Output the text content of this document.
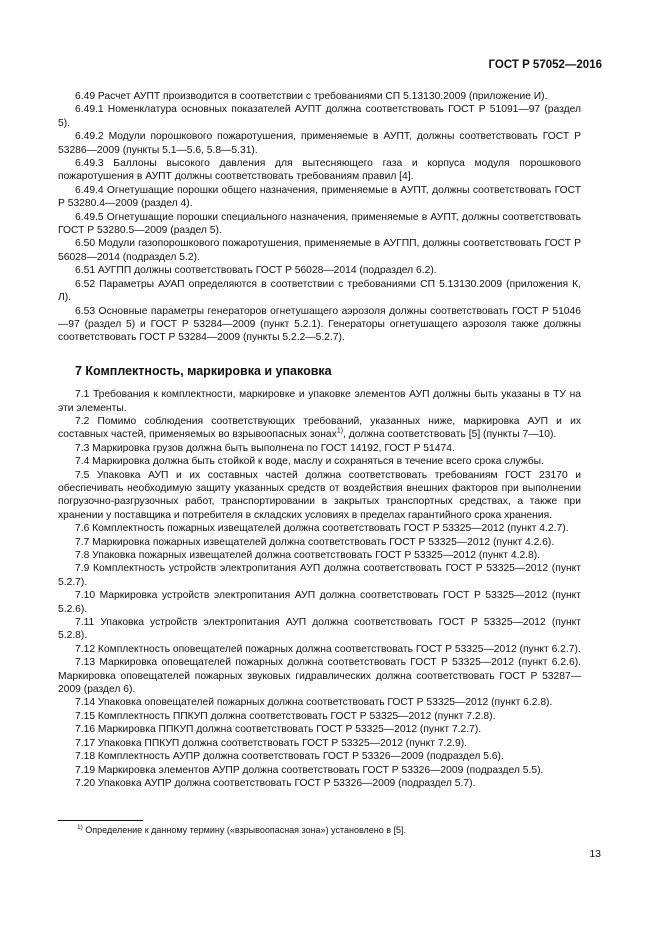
ГОСТ Р 57052—2016

6.49 Расчет АУПТ производится в соответствии с требованиями СП 5.13130.2009 (приложение И).

6.49.1 Номенклатура основных показателей АУПТ должна соответствовать ГОСТ Р 51091—97 (раздел 5).

6.49.2 Модули порошкового пожаротушения, применяемые в АУПТ, должны соответствовать ГОСТ Р 53286—2009 (пункты 5.1—5.6, 5.8—5.31).

6.49.3 Баллоны высокого давления для вытесняющего газа и корпуса модуля порошкового пожаротушения в АУПТ должны соответствовать требованиям правил [4].

6.49.4 Огнетушащие порошки общего назначения, применяемые в АУПТ, должны соответствовать ГОСТ Р 53280.4—2009 (раздел 4).

6.49.5 Огнетушащие порошки специального назначения, применяемые в АУПТ, должны соответствовать ГОСТ Р 53280.5—2009 (раздел 5).

6.50 Модули газопорошкового пожаротушения, применяемые в АУГПП, должны соответствовать ГОСТ Р 56028—2014 (подраздел 5.2).

6.51 АУГПП должны соответствовать ГОСТ Р 56028—2014 (подраздел 6.2).

6.52 Параметры АУАП определяются в соответствии с требованиями СП 5.13130.2009 (приложения К, Л).

6.53 Основные параметры генераторов огнетушащего аэрозоля должны соответствовать ГОСТ Р 51046—97 (раздел 5) и ГОСТ Р 53284—2009 (пункт 5.2.1). Генераторы огнетушащего аэрозоля также должны соответствовать ГОСТ Р 53284—2009 (пункты 5.2.2—5.2.7).

7 Комплектность, маркировка и упаковка

7.1 Требования к комплектности, маркировке и упаковке элементов АУП должны быть указаны в ТУ на эти элементы.

7.2 Помимо соблюдения соответствующих требований, указанных ниже, маркировка АУП и их составных частей, применяемых во взрывоопасных зонах$^{1)}$, должна соответствовать [5] (пункты 7—10).

7.3 Маркировка грузов должна быть выполнена по ГОСТ 14192, ГОСТ Р 51474.

7.4 Маркировка должна быть стойкой к воде, маслу и сохраняться в течение всего срока службы.

7.5 Упаковка АУП и их составных частей должна соответствовать требованиям ГОСТ 23170 и обеспечивать необходимую защиту указанных средств от воздействия внешних факторов при выполнении погрузочно-разгрузочных работ, транспортировании в закрытых транспортных средствах, а также при хранении у поставщика и потребителя в складских условиях в пределах гарантийного срока хранения.

7.6 Комплектность пожарных извещателей должна соответствовать ГОСТ Р 53325—2012 (пункт 4.2.7).

7.7 Маркировка пожарных извещателей должна соответствовать ГОСТ Р 53325—2012 (пункт 4.2.6).

7.8 Упаковка пожарных извещателей должна соответствовать ГОСТ Р 53325—2012 (пункт 4.2.8).

7.9 Комплектность устройств электропитания АУП должна соответствовать ГОСТ Р 53325—2012 (пункт 5.2.7).

7.10 Маркировка устройств электропитания АУП должна соответствовать ГОСТ Р 53325—2012 (пункт 5.2.6).

7.11 Упаковка устройств электропитания АУП должна соответствовать ГОСТ Р 53325—2012 (пункт 5.2.8).

7.12 Комплектность оповещателей пожарных должна соответствовать ГОСТ Р 53325—2012 (пункт 6.2.7).

7.13 Маркировка оповещателей пожарных должна соответствовать ГОСТ Р 53325—2012 (пункт 6.2.6). Маркировка оповещателей пожарных звуковых гидравлических должна соответствовать ГОСТ Р 53287—2009 (раздел 6).

7.14 Упаковка оповещателей пожарных должна соответствовать ГОСТ Р 53325—2012 (пункт 6.2.8).

7.15 Комплектность ППКУП должна соответствовать ГОСТ Р 53325—2012 (пункт 7.2.8).

7.16 Маркировка ППКУП должна соответствовать ГОСТ Р 53325—2012 (пункт 7.2.7).

7.17 Упаковка ППКУП должна соответствовать ГОСТ Р 53325—2012 (пункт 7.2.9).

7.18 Комплектность АУПР должна соответствовать ГОСТ Р 53326—2009 (подраздел 5.6).

7.19 Маркировка элементов АУПР должна соответствовать ГОСТ Р 53326—2009 (подраздел 5.5).

7.20 Упаковка АУПР должна соответствовать ГОСТ Р 53326—2009 (подраздел 5.7).

$^{1)}$ Определение к данному термину («взрывоопасная зона») установлено в [5].
13
